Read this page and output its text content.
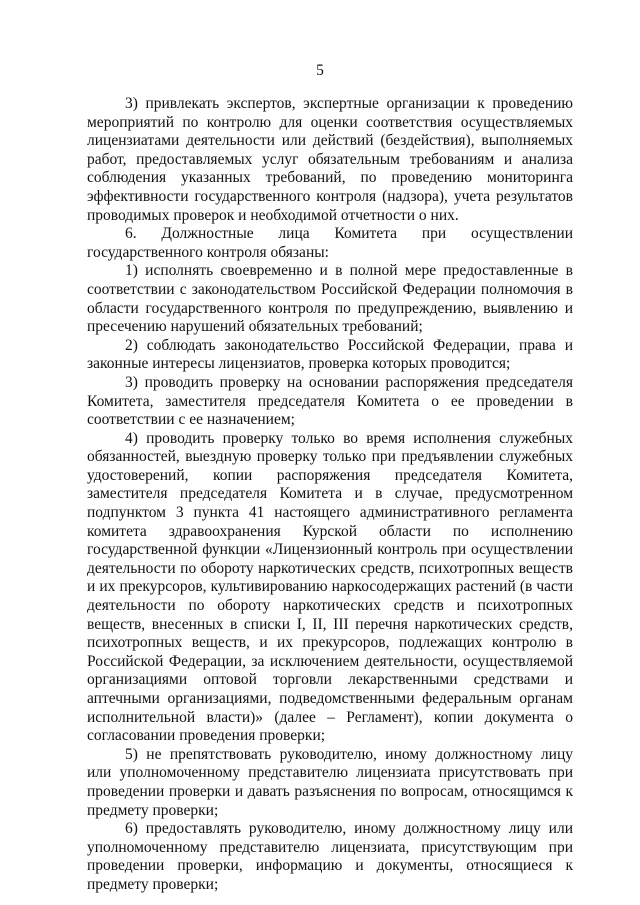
5

3) привлекать экспертов, экспертные организации к проведению мероприятий по контролю для оценки соответствия осуществляемых лицензиатами деятельности или действий (бездействия), выполняемых работ, предоставляемых услуг обязательным требованиям и анализа соблюдения указанных требований, по проведению мониторинга эффективности государственного контроля (надзора), учета результатов проводимых проверок и необходимой отчетности о них.

6. Должностные лица Комитета при осуществлении государственного контроля обязаны:

1) исполнять своевременно и в полной мере предоставленные в соответствии с законодательством Российской Федерации полномочия в области государственного контроля по предупреждению, выявлению и пресечению нарушений обязательных требований;

2) соблюдать законодательство Российской Федерации, права и законные интересы лицензиатов, проверка которых проводится;

3) проводить проверку на основании распоряжения председателя Комитета, заместителя председателя Комитета о ее проведении в соответствии с ее назначением;

4) проводить проверку только во время исполнения служебных обязанностей, выездную проверку только при предъявлении служебных удостоверений, копии распоряжения председателя Комитета, заместителя председателя Комитета и в случае, предусмотренном подпунктом 3 пункта 41 настоящего административного регламента комитета здравоохранения Курской области по исполнению государственной функции «Лицензионный контроль при осуществлении деятельности по обороту наркотических средств, психотропных веществ и их прекурсоров, культивированию наркосодержащих растений (в части деятельности по обороту наркотических средств и психотропных веществ, внесенных в списки I, II, III перечня наркотических средств, психотропных веществ, и их прекурсоров, подлежащих контролю в Российской Федерации, за исключением деятельности, осуществляемой организациями оптовой торговли лекарственными средствами и аптечными организациями, подведомственными федеральным органам исполнительной власти)» (далее – Регламент), копии документа о согласовании проведения проверки;

5) не препятствовать руководителю, иному должностному лицу или уполномоченному представителю лицензиата присутствовать при проведении проверки и давать разъяснения по вопросам, относящимся к предмету проверки;

6) предоставлять руководителю, иному должностному лицу или уполномоченному представителю лицензиата, присутствующим при проведении проверки, информацию и документы, относящиеся к предмету проверки;
